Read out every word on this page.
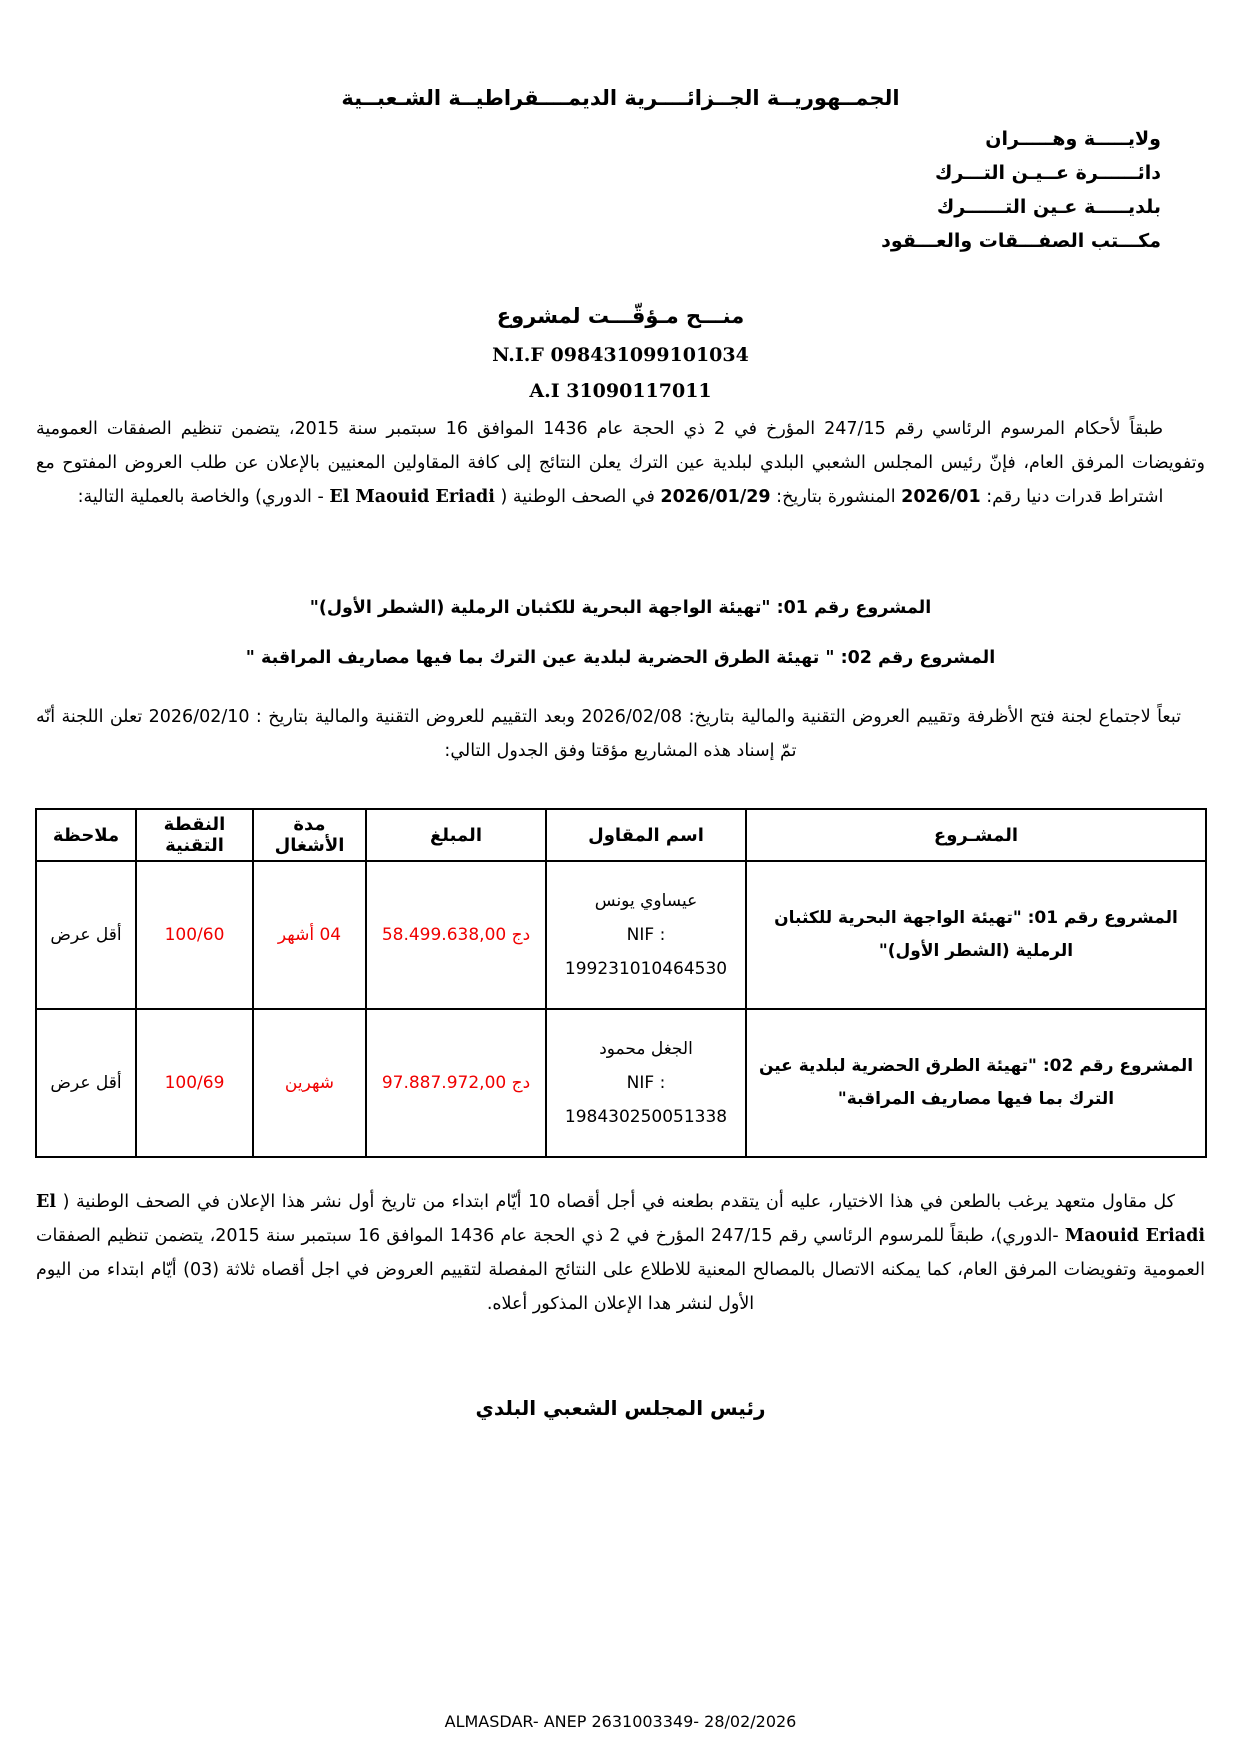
الجمــهوريــة الجــزائــــرية الديمــــقراطيــة الشـعبــية
ولايـــــة وهـــــران
دائــــــرة عــيـن التـــرك
بلديـــــة عـين التــــــرك
مكـــتب الصفـــقات والعـــقود
منـــح مـؤقّـــت لمشروع
N.I.F 098431099101034
A.I 31090117011

طبقاً لأحكام المرسوم الرئاسي رقم 247/15 المؤرخ في 2 ذي الحجة عام 1436 الموافق 16 سبتمبر سنة 2015، يتضمن تنظيم الصفقات العمومية وتفويضات المرفق العام، فإنّ رئيس المجلس الشعبي البلدي لبلدية عين الترك يعلن النتائج إلى كافة المقاولين المعنيين بالإعلان عن طلب العروض المفتوح مع اشتراط قدرات دنيا رقم: 2026/01 المنشورة بتاريخ: 2026/01/29 في الصحف الوطنية ( El Maouid Eriadi - الدوري) والخاصة بالعملية التالية:

المشروع رقم 01: "تهيئة الواجهة البحرية للكثبان الرملية (الشطر الأول)"
المشروع رقم 02: " تهيئة الطرق الحضرية لبلدية عين الترك بما فيها مصاريف المراقبة "

تبعاً لاجتماع لجنة فتح الأظرفة وتقييم العروض التقنية والمالية بتاريخ: 2026/02/08 وبعد التقييم للعروض التقنية والمالية بتاريخ : 2026/02/10 تعلن اللجنة أنّه تمّ إسناد هذه المشاريع مؤقتا وفق الجدول التالي:

المشـروع	اسم المقاول	المبلغ	مدة الأشغال	النقطة التقنية	ملاحظة
المشروع رقم 01: "تهيئة الواجهة البحرية للكثبان الرملية (الشطر الأول)"	عيساوي يونس
NIF :
199231010464530	58.499.638,00 دج	04 أشهر	100/60	أقل عرض
المشروع رقم 02: "تهيئة الطرق الحضرية لبلدية عين الترك بما فيها مصاريف المراقبة"	الجغل محمود
NIF :
198430250051338	97.887.972,00 دج	شهرين	100/69	أقل عرض

كل مقاول متعهد يرغب بالطعن في هذا الاختيار، عليه أن يتقدم بطعنه في أجل أقصاه 10 أيّام ابتداء من تاريخ أول نشر هذا الإعلان في الصحف الوطنية ( El Maouid Eriadi -الدوري)، طبقاً للمرسوم الرئاسي رقم 247/15 المؤرخ في 2 ذي الحجة عام 1436 الموافق 16 سبتمبر سنة 2015، يتضمن تنظيم الصفقات العمومية وتفويضات المرفق العام، كما يمكنه الاتصال بالمصالح المعنية للاطلاع على النتائج المفصلة لتقييم العروض في اجل أقصاه ثلاثة (03) أيّام ابتداء من اليوم الأول لنشر هدا الإعلان المذكور أعلاه.

رئيس المجلس الشعبي البلدي
ALMASDAR- ANEP 2631003349- 28/02/2026
